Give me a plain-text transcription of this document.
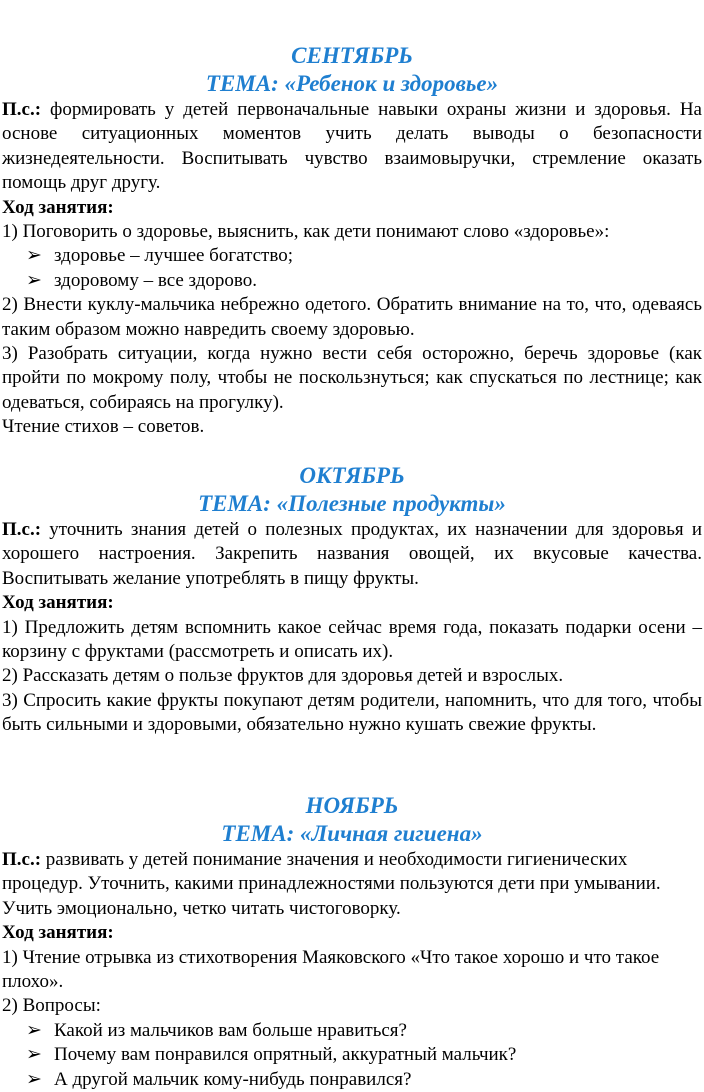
СЕНТЯБРЬ

ТЕМА: «Ребенок и здоровье»

П.с.: формировать у детей первоначальные навыки охраны жизни и здоровья. На основе ситуационных моментов учить делать выводы о безопасности жизнедеятельности. Воспитывать чувство взаимовыручки, стремление оказать помощь друг другу.

Ход занятия:

1) Поговорить о здоровье, выяснить, как дети понимают слово «здоровье»:

➢ здоровье – лучшее богатство;

➢ здоровому – все здорово.

2) Внести куклу-мальчика небрежно одетого. Обратить внимание на то, что, одеваясь таким образом можно навредить своему здоровью.

3) Разобрать ситуации, когда нужно вести себя осторожно, беречь здоровье (как пройти по мокрому полу, чтобы не поскользнуться; как спускаться по лестнице; как одеваться, собираясь на прогулку).

Чтение стихов – советов.

ОКТЯБРЬ

ТЕМА: «Полезные продукты»

П.с.: уточнить знания детей о полезных продуктах, их назначении для здоровья и хорошего настроения. Закрепить названия овощей, их вкусовые качества. Воспитывать желание употреблять в пищу фрукты.

Ход занятия:

1) Предложить детям вспомнить какое сейчас время года, показать подарки осени – корзину с фруктами (рассмотреть и описать их).

2) Рассказать детям о пользе фруктов для здоровья детей и взрослых.

3) Спросить какие фрукты покупают детям родители, напомнить, что для того, чтобы быть сильными и здоровыми, обязательно нужно кушать свежие фрукты.

НОЯБРЬ

ТЕМА: «Личная гигиена»

П.с.: развивать у детей понимание значения и необходимости гигиенических процедур. Уточнить, какими принадлежностями пользуются дети при умывании. Учить эмоционально, четко читать чистоговорку.

Ход занятия:

1) Чтение отрывка из стихотворения Маяковского «Что такое хорошо и что такое плохо».

2) Вопросы:

➢ Какой из мальчиков вам больше нравиться?

➢ Почему вам понравился опрятный, аккуратный мальчик?

➢ А другой мальчик кому-нибудь понравился?
